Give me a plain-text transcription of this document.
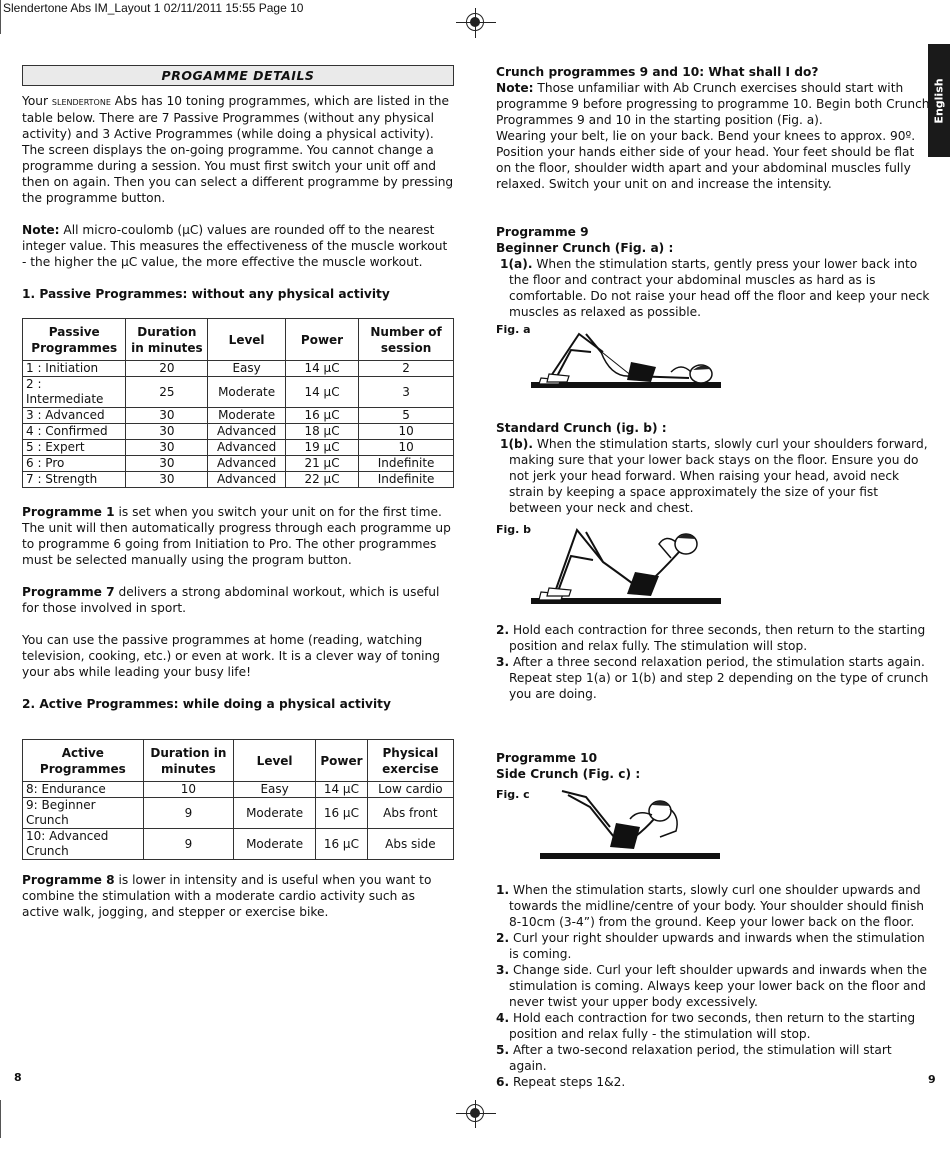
Slendertone Abs IM_Layout 1 02/11/2011 15:55 Page 10
English
PROGAMME DETAILS

Your slendertone Abs has 10 toning programmes, which are listed in the table below. There are 7 Passive Programmes (without any physical activity) and 3 Active Programmes (while doing a physical activity). The screen displays the on-going programme. You cannot change a programme during a session. You must first switch your unit off and then on again. Then you can select a different programme by pressing the programme button.

Note: All micro-coulomb (µC) values are rounded off to the nearest integer value. This measures the effectiveness of the muscle workout - the higher the µC value, the more effective the muscle workout.

1. Passive Programmes: without any physical activity

Passive Programmes	Duration in minutes	Level	Power	Number of session
1 : Initiation	20	Easy	14 µC	2
2 : Intermediate	25	Moderate	14 µC	3
3 : Advanced	30	Moderate	16 µC	5
4 : Confirmed	30	Advanced	18 µC	10
5 : Expert	30	Advanced	19 µC	10
6 : Pro	30	Advanced	21 µC	Indefinite
7 : Strength	30	Advanced	22 µC	Indefinite

Programme 1 is set when you switch your unit on for the first time. The unit will then automatically progress through each programme up to programme 6 going from Initiation to Pro. The other programmes must be selected manually using the program button.

Programme 7 delivers a strong abdominal workout, which is useful for those involved in sport.

You can use the passive programmes at home (reading, watching television, cooking, etc.) or even at work. It is a clever way of toning your abs while leading your busy life!

2. Active Programmes: while doing a physical activity

Active Programmes	Duration in minutes	Level	Power	Physical exercise
8: Endurance	10	Easy	14 µC	Low cardio
9: Beginner Crunch	9	Moderate	16 µC	Abs front
10: Advanced Crunch	9	Moderate	16 µC	Abs side

Programme 8 is lower in intensity and is useful when you want to combine the stimulation with a moderate cardio activity such as active walk, jogging, and stepper or exercise bike.

Crunch programmes 9 and 10: What shall I do?

Note: Those unfamiliar with Ab Crunch exercises should start with programme 9 before progressing to programme 10. Begin both Crunch Programmes 9 and 10 in the starting position (Fig. a).

Wearing your belt, lie on your back. Bend your knees to approx. 90º. Position your hands either side of your head. Your feet should be flat on the floor, shoulder width apart and your abdominal muscles fully relaxed. Switch your unit on and increase the intensity.

Programme 9

Beginner Crunch (Fig. a) :

1(a). When the stimulation starts, gently press your lower back into the floor and contract your abdominal muscles as hard as is comfortable. Do not raise your head off the floor and keep your neck muscles as relaxed as possible.

Fig. a

Standard Crunch (ig. b) :

1(b). When the stimulation starts, slowly curl your shoulders forward, making sure that your lower back stays on the floor. Ensure you do not jerk your head forward. When raising your head, avoid neck strain by keeping a space approximately the size of your fist between your neck and chest.

Fig. b

2. Hold each contraction for three seconds, then return to the starting position and relax fully. The stimulation will stop.

3. After a three second relaxation period, the stimulation starts again. Repeat step 1(a) or 1(b) and step 2 depending on the type of crunch you are doing.

Programme 10

Side Crunch (Fig. c) :

Fig. c

1. When the stimulation starts, slowly curl one shoulder upwards and towards the midline/centre of your body. Your shoulder should finish 8-10cm (3-4”) from the ground. Keep your lower back on the floor.

2. Curl your right shoulder upwards and inwards when the stimulation is coming.

3. Change side. Curl your left shoulder upwards and inwards when the stimulation is coming. Always keep your lower back on the floor and never twist your upper body excessively.

4. Hold each contraction for two seconds, then return to the starting position and relax fully - the stimulation will stop.

5. After a two-second relaxation period, the stimulation will start again.

6. Repeat steps 1&2.

8	9
